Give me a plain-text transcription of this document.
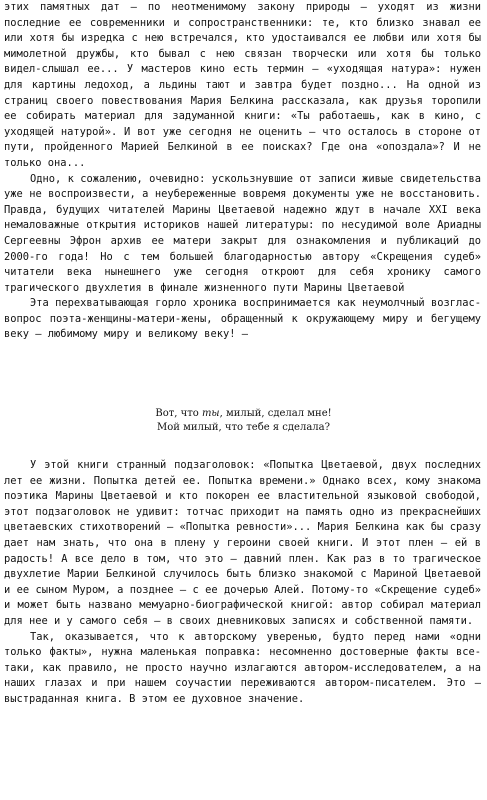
этих памятных дат — по неотменимому закону природы — уходят из жизни последние ее современники и сопространственники: те, кто близко знавал ее или хотя бы изредка с нею встречался, кто удостаивался ее любви или хотя бы мимолетной дружбы, кто бывал с нею связан творчески или хотя бы только видел-слышал ее... У мастеров кино есть термин — «уходящая натура»: нужен для картины ледоход, а льдины тают и завтра будет поздно... На одной из страниц своего повествования Мария Белкина рассказала, как друзья торопили ее собирать материал для задуманной книги: «Ты работаешь, как в кино, с уходящей натурой». И вот уже сегодня не оценить — что осталось в стороне от пути, пройденного Марией Белкиной в ее поисках? Где она «опоздала»? И не только она...

Одно, к сожалению, очевидно: ускользнувшие от записи живые свидетельства уже не воспроизвести, а неубереженные вовремя документы уже не восстановить. Правда, будущих читателей Марины Цветаевой надежно ждут в начале XXI века немаловажные открытия историков нашей литературы: по несудимой воле Ариадны Сергеевны Эфрон архив ее матери закрыт для ознакомления и публикаций до 2000-го года! Но с тем большей благодарностью автору «Скрещения судеб» читатели века нынешнего уже сегодня откроют для себя хронику самого трагического двухлетия в финале жизненного пути Марины Цветаевой

Эта перехватывающая горло хроника воспринимается как неумолчный возглас-вопрос поэта-женщины-матери-жены, обращенный к окружающему миру и бегущему веку — любимому миру и великому веку! —

Вот, что ты, милый, сделал мне!
Мой милый, что тебе я сделала?

У этой книги странный подзаголовок: «Попытка Цветаевой, двух последних лет ее жизни. Попытка детей ее. Попытка времени.» Однако всех, кому знакома поэтика Марины Цветаевой и кто покорен ее властительной языковой свободой, этот подзаголовок не удивит: тотчас приходит на память одно из прекраснейших цветаевских стихотворений — «Попытка ревности»... Мария Белкина как бы сразу дает нам знать, что она в плену у героини своей книги. И этот плен — ей в радость! А все дело в том, что это — давний плен. Как раз в то трагическое двухлетие Марии Белкиной случилось быть близко знакомой с Мариной Цветаевой и ее сыном Муром, а позднее — с ее дочерью Алей. Потому-то «Скрещение судеб» и может быть названо мемуарно-биографической книгой: автор собирал материал для нее и у самого себя — в своих дневниковых записях и собственной памяти.

Так, оказывается, что к авторскому уверенью, будто перед нами «одни только факты», нужна маленькая поправка: несомненно достоверные факты все-таки, как правило, не просто научно излагаются автором-исследователем, а на наших глазах и при нашем соучастии переживаются автором-писателем. Это — выстраданная книга. В этом ее духовное значение.
